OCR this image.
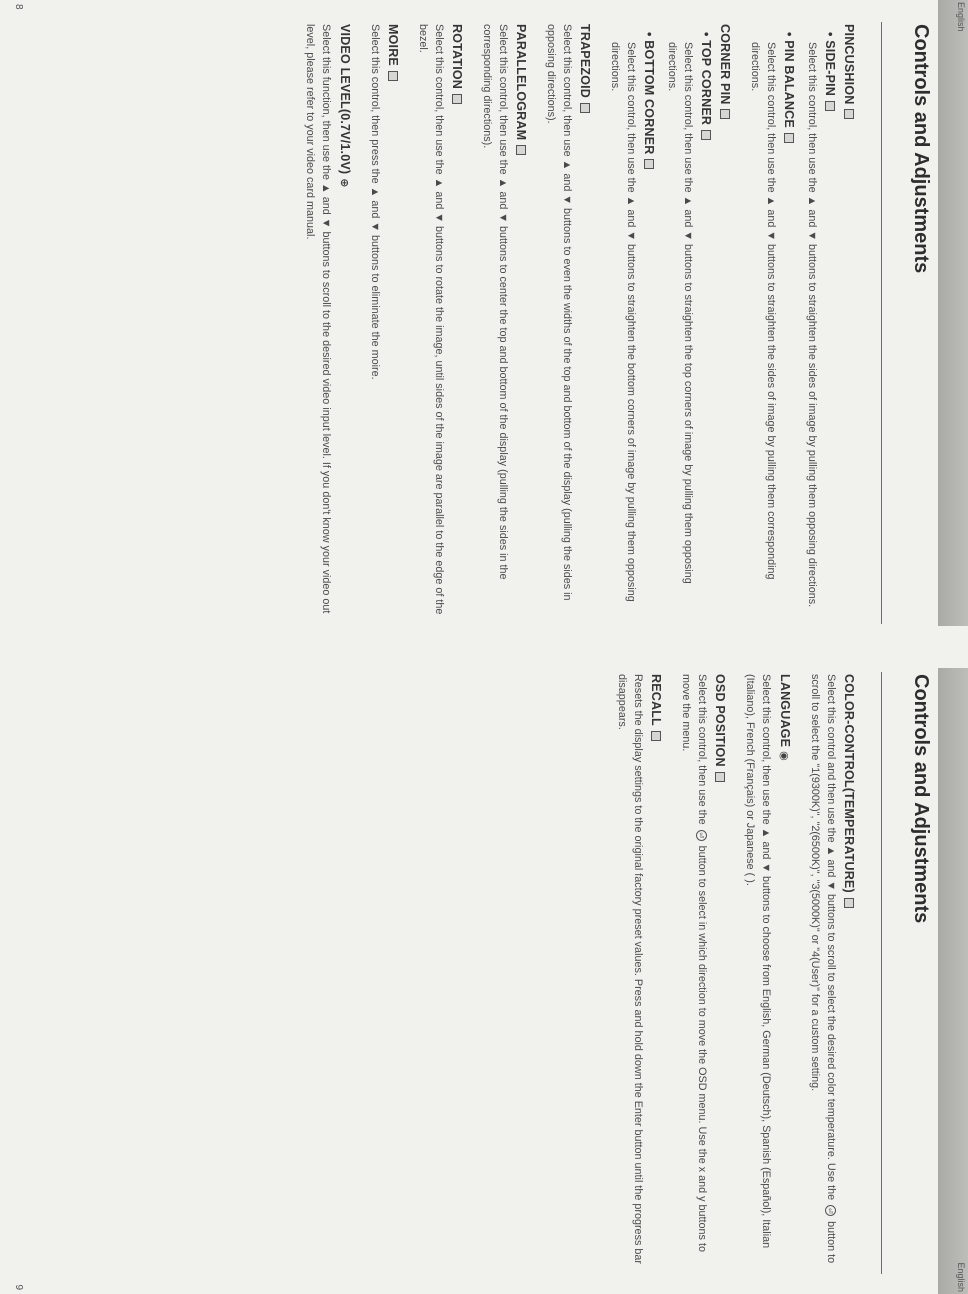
English
Controls and Adjustments

PINCUSHION

• SIDE-PIN

Select this control, then use the ▲ and ▼ buttons to straighten the sides of image by pulling them opposing directions.

• PIN BALANCE

Select this control, then use the ▲ and ▼ buttons to straighten the sides of image by pulling them corresponding directions.

CORNER PIN

• TOP CORNER

Select this control, then use the ▲ and ▼ buttons to straighten the top corners of image by pulling them opposing directions.

• BOTTOM CORNER

Select this control, then use the ▲ and ▼ buttons to straighten the bottom corners of image by pulling them opposing directions.

TRAPEZOID

Select this control, then use ▲ and ▼ buttons to even the widths of the top and bottom of the display (pulling the sides in opposing directions).

PARALLELOGRAM

Select this control, then use the ▲ and ▼ buttons to center the top and bottom of the display (pulling the sides in the corresponding directions).

ROTATION

Select this control, then use the ▲ and ▼ buttons to rotate the image, until sides of the image are parallel to the edge of the bezel.

MOIRE

Select this control, then press the ▲ and ▼ buttons to eliminate the moire.

VIDEO LEVEL(0.7V/1.0V)⊕

Select this function, then use the ▲ and ▼ buttons to scroll to the desired video input level. If you don't know your video out level, please refer to your video card manual.

8
English
Controls and Adjustments

COLOR-CONTROL(TEMPERATURE)

Select this control and then use the ▲ and ▼ buttons to scroll to select the desired color temperature. Use the ⏎ button to scroll to select the "1(9300K)", "2(6500K)", "3(5000K)" or "4(User)" for a custom setting.

LANGUAGE◉

Select this control, then use the ▲ and ▼ buttons to choose from English, German (Deutsch), Spanish (Español), Italian (Italiano), French (Français) or Japanese ( ).

OSD POSITION

Select this control, then use the ⏎ button to select in which direction to move the OSD menu. Use the x and y buttons to move the menu.

RECALL

Resets the display settings to the original factory preset values. Press and hold down the Enter button until the progress bar disappears.

9
